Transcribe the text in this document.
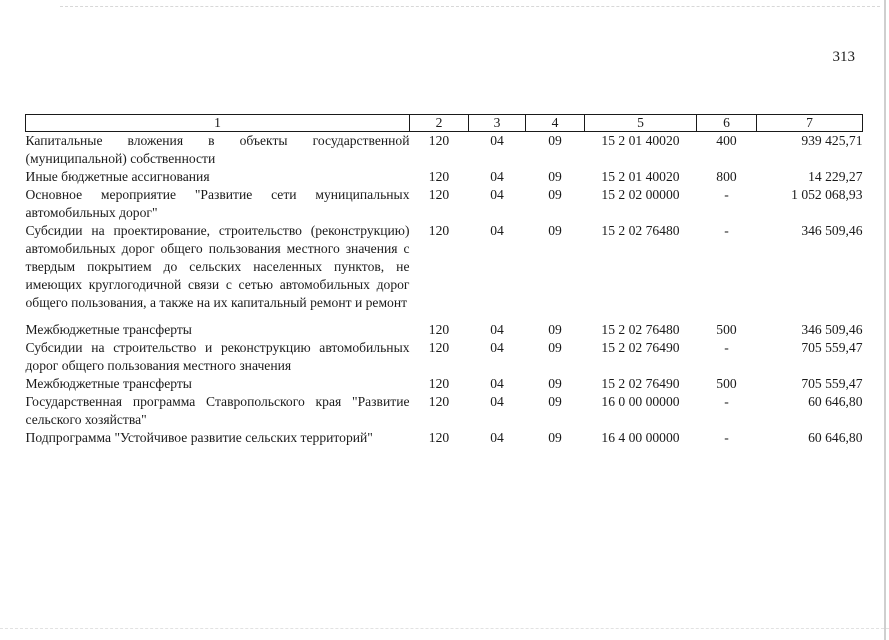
313
1	2	3	4	5	6	7
Капитальные вложения в объекты государственной (муниципальной) собственности	120	04	09	15 2 01 40020	400	939 425,71
Иные бюджетные ассигнования	120	04	09	15 2 01 40020	800	14 229,27
Основное мероприятие "Развитие сети муниципальных автомобильных дорог"	120	04	09	15 2 02 00000	-	1 052 068,93
Субсидии на проектирование, строительство (реконструкцию) автомобильных дорог общего пользования местного значения с твердым покрытием до сельских населенных пунктов, не имеющих круглогодичной связи с сетью автомобильных дорог общего пользования, а также на их капитальный ремонт и ремонт	120	04	09	15 2 02 76480	-	346 509,46
Межбюджетные трансферты	120	04	09	15 2 02 76480	500	346 509,46
Субсидии на строительство и реконструкцию автомобильных дорог общего пользования местного значения	120	04	09	15 2 02 76490	-	705 559,47
Межбюджетные трансферты	120	04	09	15 2 02 76490	500	705 559,47
Государственная программа Ставропольского края "Развитие сельского хозяйства"	120	04	09	16 0 00 00000	-	60 646,80
Подпрограмма "Устойчивое развитие сельских территорий"	120	04	09	16 4 00 00000	-	60 646,80
